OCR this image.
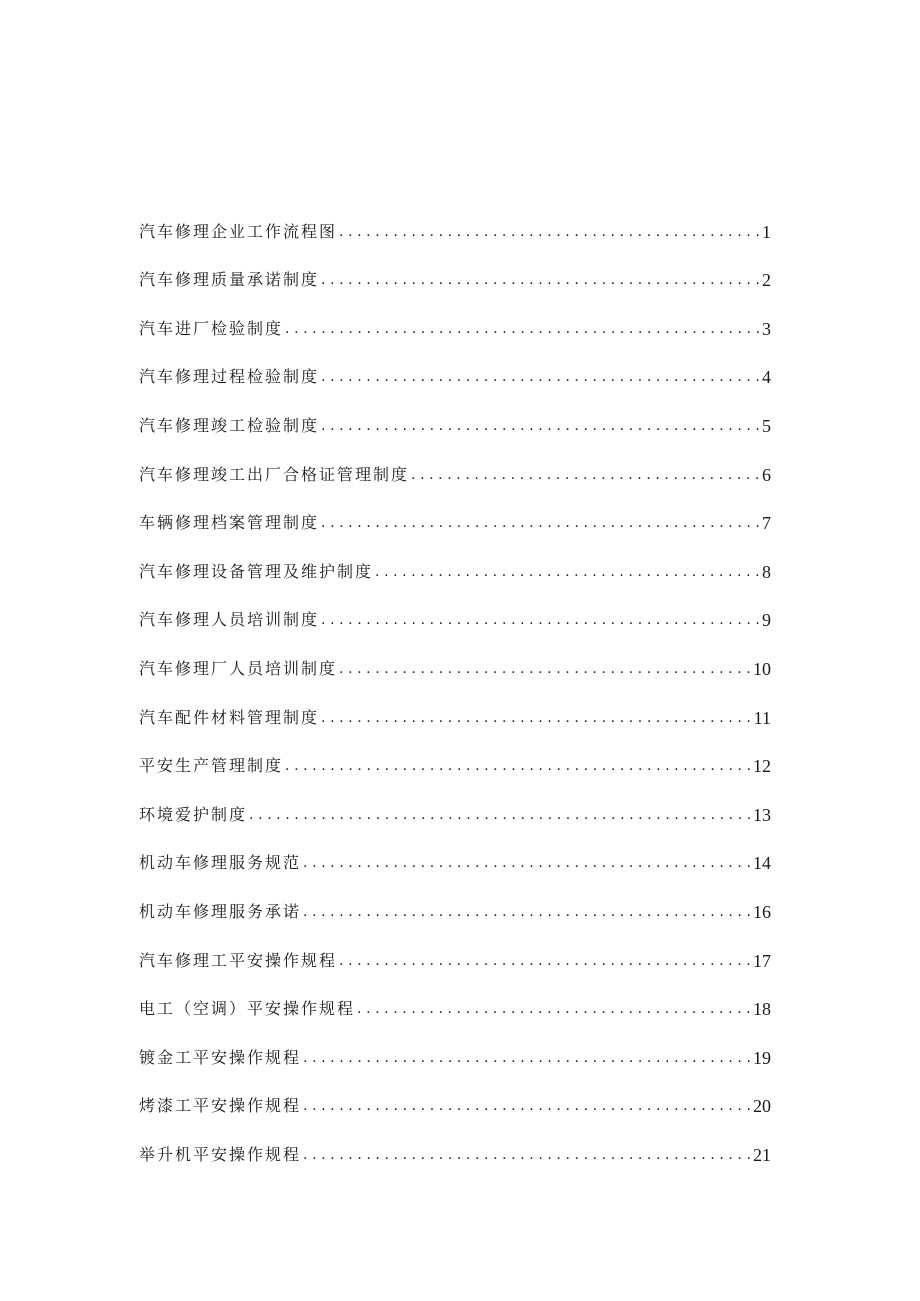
汽车修理企业工作流程图 .....	1
汽车修理质量承诺制度 .....	2
汽车进厂检验制度 .....	3
汽车修理过程检验制度 .....	4
汽车修理竣工检验制度 .....	5
汽车修理竣工出厂合格证管理制度 .....	6
车辆修理档案管理制度 .....	7
汽车修理设备管理及维护制度 .....	8
汽车修理人员培训制度 .....	9
汽车修理厂人员培训制度 .....	10
汽车配件材料管理制度 .....	11
平安生产管理制度 .....	12
环境爱护制度 .....	13
机动车修理服务规范 .....	14
机动车修理服务承诺 .....	16
汽车修理工平安操作规程 .....	17
电工（空调）平安操作规程 .....	18
镀金工平安操作规程 .....	19
烤漆工平安操作规程 .....	20
举升机平安操作规程 .....	21
